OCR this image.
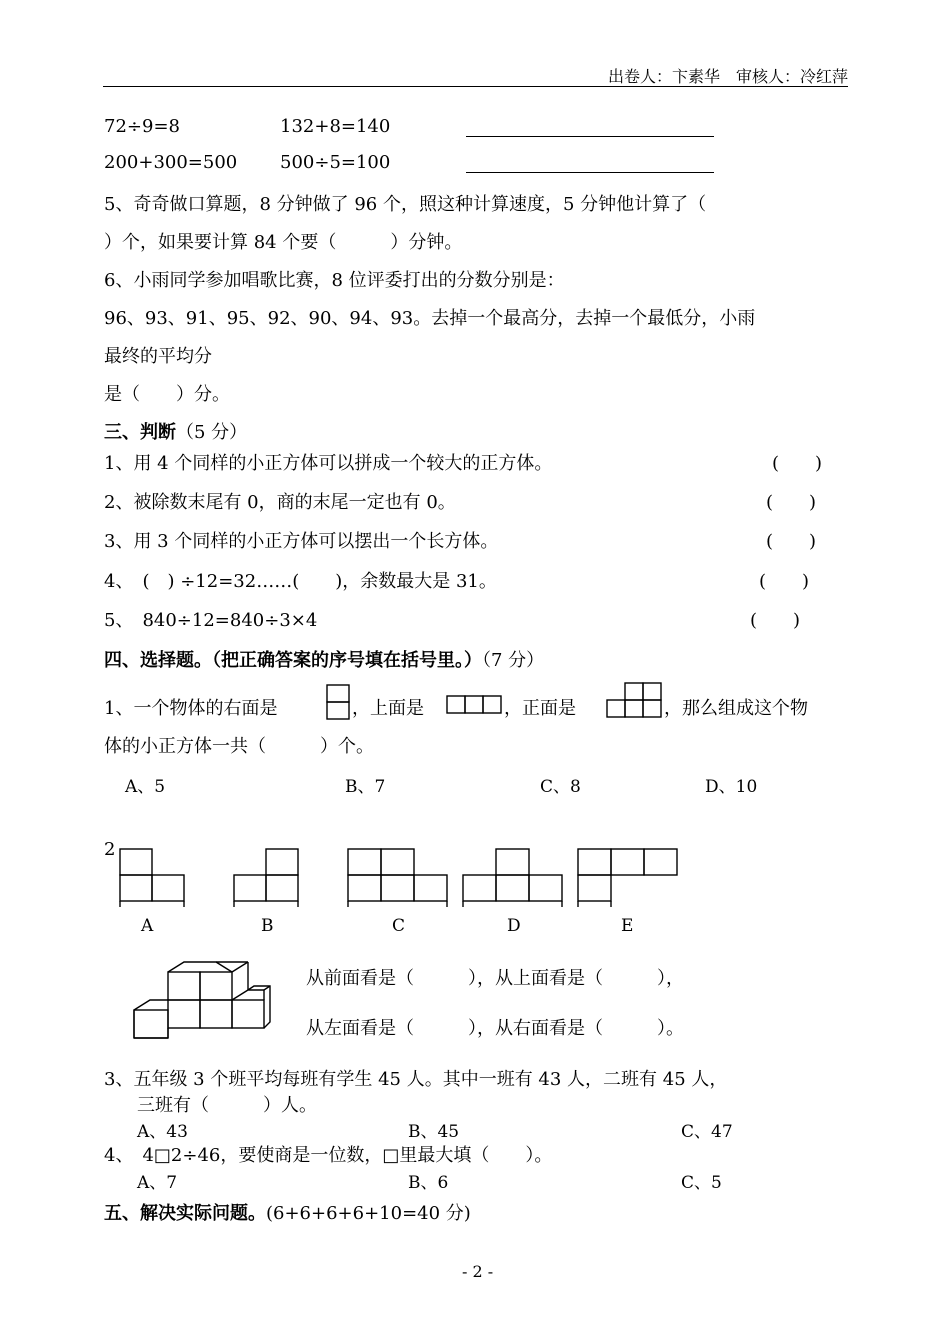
出卷人：卞素华　审核人：冷红萍
72÷9=8	132+8=140
200+300=500 500÷5=100
5、奇奇做口算题，8 分钟做了 96 个，照这种计算速度，5 分钟他计算了（
）个，如果要计算 84 个要（　　　）分钟。
6、小雨同学参加唱歌比赛，8 位评委打出的分数分别是：
96、93、91、95、92、90、94、93。去掉一个最高分，去掉一个最低分，小雨
最终的平均分
是（　　）分。
三、判断（5 分）
1、用 4 个同样的小正方体可以拼成一个较大的正方体。	(　　)
2、被除数末尾有 0，商的末尾一定也有 0。	(　　)
3、用 3 个同样的小正方体可以摆出一个长方体。	(　　)
4、　(　) ÷12=32……(　　)，余数最大是 31。	(　　)
5、　840÷12=840÷3×4	(　　)
四、选择题。（把正确答案的序号填在括号里。）（7 分）
1、一个物体的右面是	，上面是	，正面是	，那么组成这个物
体的小正方体一共（　　　）个。
A、5	B、7	C、8	D、10
2
A	B	C	D	E
从前面看是（　　　），从上面看是（　　　），
从左面看是（　　　），从右面看是（　　　）。
3、五年级 3 个班平均每班有学生 45 人。其中一班有 43 人，二班有 45 人，
三班有（　　　）人。
A、43	B、45	C、47
4、　4□2÷46，要使商是一位数，□里最大填（　　）。
A、7	B、6	C、5
五、解决实际问题。(6+6+6+6+10=40 分)
- 2 -
